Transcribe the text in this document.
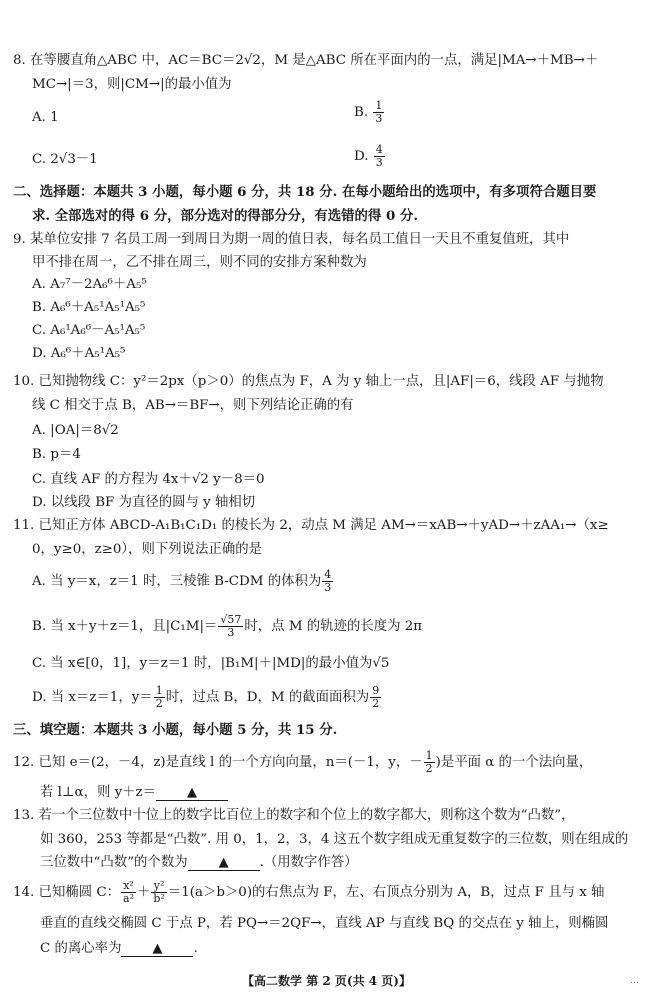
8. 在等腰直角△ABC 中，AC＝BC＝2√2，M 是△ABC 所在平面内的一点，满足|MA→＋MB→＋
MC→|＝3，则|CM→|的最小值为
A. 1	B. $\frac{1}{3}$
C. 2√3－1	D. $\frac{4}{3}$
二、选择题：本题共 3 小题，每小题 6 分，共 18 分. 在每小题给出的选项中，有多项符合题目要
求. 全部选对的得 6 分，部分选对的得部分分，有选错的得 0 分.
9. 某单位安排 7 名员工周一到周日为期一周的值日表，每名员工值日一天且不重复值班，其中
甲不排在周一，乙不排在周三，则不同的安排方案种数为
A. A₇⁷－2A₆⁶＋A₅⁵
B. A₆⁶＋A₅¹A₅¹A₅⁵
C. A₆¹A₆⁶－A₅¹A₅⁵
D. A₆⁶＋A₅¹A₅⁵
10. 已知抛物线 C：y²＝2px（p＞0）的焦点为 F，A 为 y 轴上一点，且|AF|＝6，线段 AF 与抛物
线 C 相交于点 B，AB→＝BF→，则下列结论正确的有
A. |OA|＝8√2
B. p＝4
C. 直线 AF 的方程为 4x＋√2 y－8＝0
D. 以线段 BF 为直径的圆与 y 轴相切
11. 已知正方体 ABCD-A₁B₁C₁D₁ 的棱长为 2，动点 M 满足 AM→＝xAB→＋yAD→＋zAA₁→（x≥
0，y≥0，z≥0），则下列说法正确的是
A. 当 y＝x，z＝1 时，三棱锥 B-CDM 的体积为 $\frac{4}{3}$
B. 当 x＋y＋z＝1，且$|C_1M|= \frac{√57}{3}$ 时，点 M 的轨迹的长度为 2π
C. 当 x∈[0，1]，y＝z＝1 时，|B₁M|＋|MD|的最小值为√5
D. 当 x＝z＝1，$y= \frac{1}{2}$ 时，过点 B，D，M 的截面面积为 $\frac{9}{2}$
三、填空题：本题共 3 小题，每小题 5 分，共 15 分.
12. 已知 e＝(2，－4，z)是直线 l 的一个方向向量，n＝(－1，y，－ $\frac{1}{2}$ )是平面 α 的一个法向量，
若 l⊥α，则 y＋z＝ ▲
13. 若一个三位数中十位上的数字比百位上的数字和个位上的数字都大，则称这个数为“凸数”，
如 360，253 等都是“凸数”. 用 0，1，2，3，4 这五个数字组成无重复数字的三位数，则在组成的
三位数中“凸数”的个数为 ▲ .（用数字作答）
14. 已知椭圆 C： $\frac{\text{x²}}{\text{a²}} + \frac{\text{y²}}{\text{b²}} =1(a>b>0)$的右焦点为 F，左、右顶点分别为 A，B，过点 F 且与 x 轴
垂直的直线交椭圆 C 于点 P，若 PQ→＝2QF→，直线 AP 与直线 BQ 的交点在 y 轴上，则椭圆
C 的离心率为 ▲ .
【高二数学 第 2 页(共 4 页)】	…
